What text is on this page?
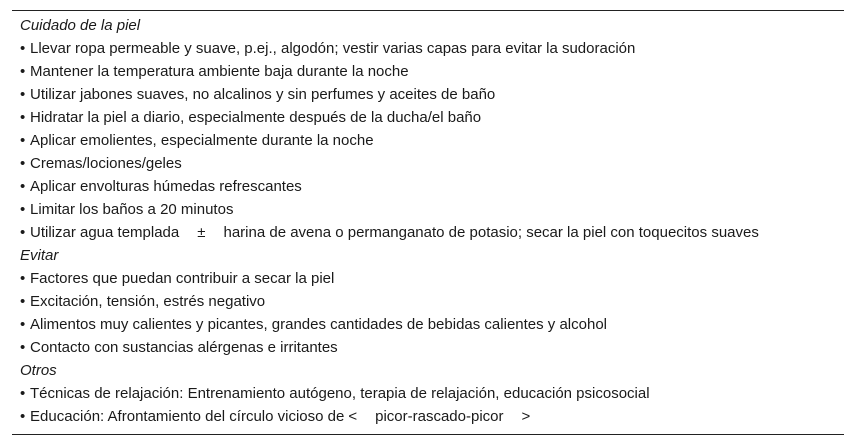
Cuidado de la piel
• Llevar ropa permeable y suave, p.ej., algodón; vestir varias capas para evitar la sudoración
• Mantener la temperatura ambiente baja durante la noche
• Utilizar jabones suaves, no alcalinos y sin perfumes y aceites de baño
• Hidratar la piel a diario, especialmente después de la ducha/el baño
• Aplicar emolientes, especialmente durante la noche
• Cremas/lociones/geles
• Aplicar envolturas húmedas refrescantes
• Limitar los baños a 20 minutos
• Utilizar agua templada ± harina de avena o permanganato de potasio; secar la piel con toquecitos suaves
Evitar
• Factores que puedan contribuir a secar la piel
• Excitación, tensión, estrés negativo
• Alimentos muy calientes y picantes, grandes cantidades de bebidas calientes y alcohol
• Contacto con sustancias alérgenas e irritantes
Otros
• Técnicas de relajación: Entrenamiento autógeno, terapia de relajación, educación psicosocial
• Educación: Afrontamiento del círculo vicioso de < picor-rascado-picor >
